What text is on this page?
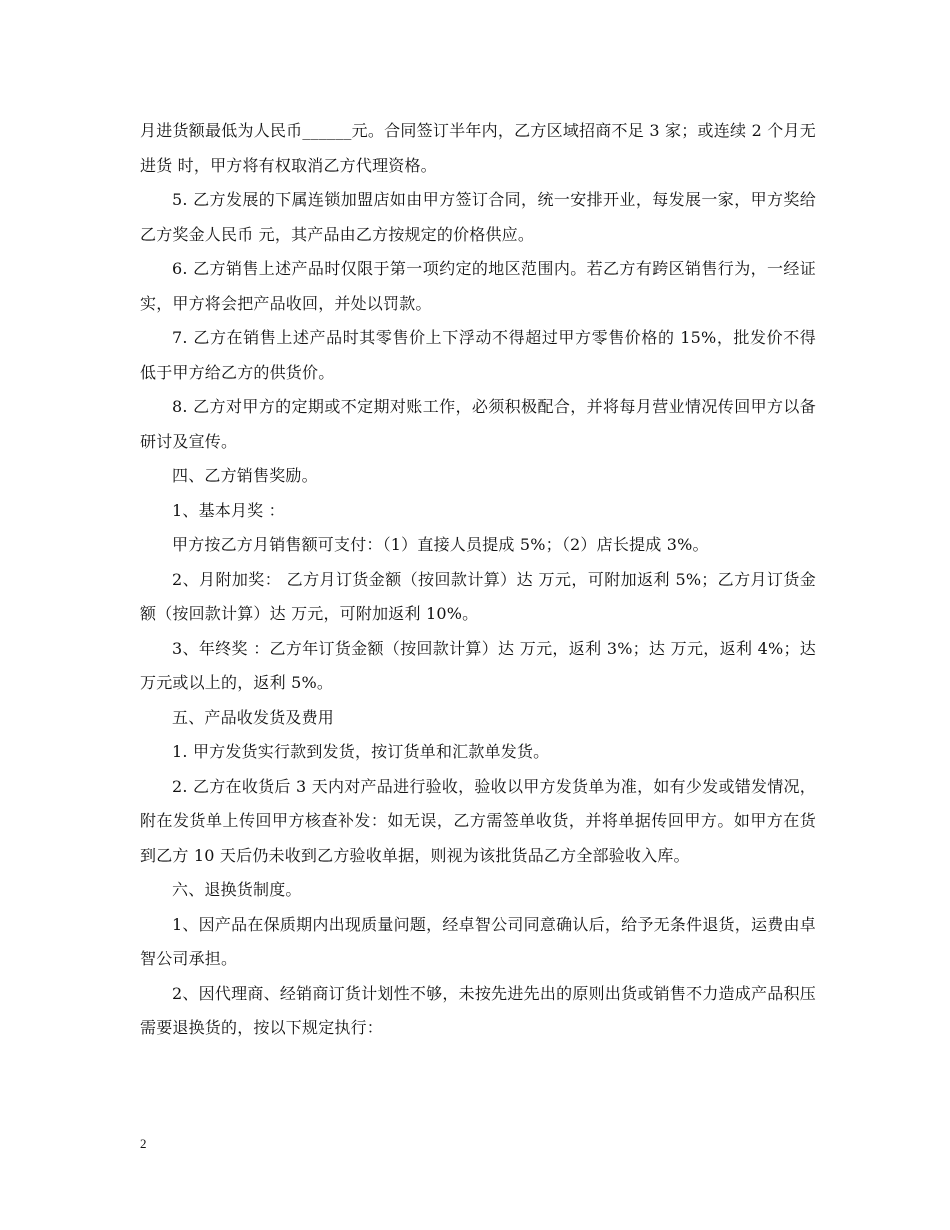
月进货额最低为人民币______元。合同签订半年内，乙方区域招商不足 3 家；或连续 2 个月无进货 时，甲方将有权取消乙方代理资格。

5. 乙方发展的下属连锁加盟店如由甲方签订合同，统一安排开业，每发展一家，甲方奖给乙方奖金人民币 元，其产品由乙方按规定的价格供应。

6. 乙方销售上述产品时仅限于第一项约定的地区范围内。若乙方有跨区销售行为，一经证实，甲方将会把产品收回，并处以罚款。

7. 乙方在销售上述产品时其零售价上下浮动不得超过甲方零售价格的 15%，批发价不得低于甲方给乙方的供货价。

8. 乙方对甲方的定期或不定期对账工作，必须积极配合，并将每月营业情况传回甲方以备研讨及宣传。

四、乙方销售奖励。

1、基本月奖 ：

甲方按乙方月销售额可支付：（1）直接人员提成 5%；（2）店长提成 3%。

2、月附加奖： 乙方月订货金额（按回款计算）达 万元，可附加返利 5%；乙方月订货金额（按回款计算）达 万元，可附加返利 10%。

3、年终奖 ：乙方年订货金额（按回款计算）达 万元，返利 3%；达 万元，返利 4%；达 万元或以上的，返利 5%。

五、产品收发货及费用

1. 甲方发货实行款到发货，按订货单和汇款单发货。

2. 乙方在收货后 3 天内对产品进行验收，验收以甲方发货单为准，如有少发或错发情况，附在发货单上传回甲方核查补发：如无误，乙方需签单收货，并将单据传回甲方。如甲方在货到乙方 10 天后仍未收到乙方验收单据，则视为该批货品乙方全部验收入库。

六、退换货制度。

1、因产品在保质期内出现质量问题，经卓智公司同意确认后，给予无条件退货，运费由卓智公司承担。

2、因代理商、经销商订货计划性不够，未按先进先出的原则出货或销售不力造成产品积压需要退换货的，按以下规定执行：

2
